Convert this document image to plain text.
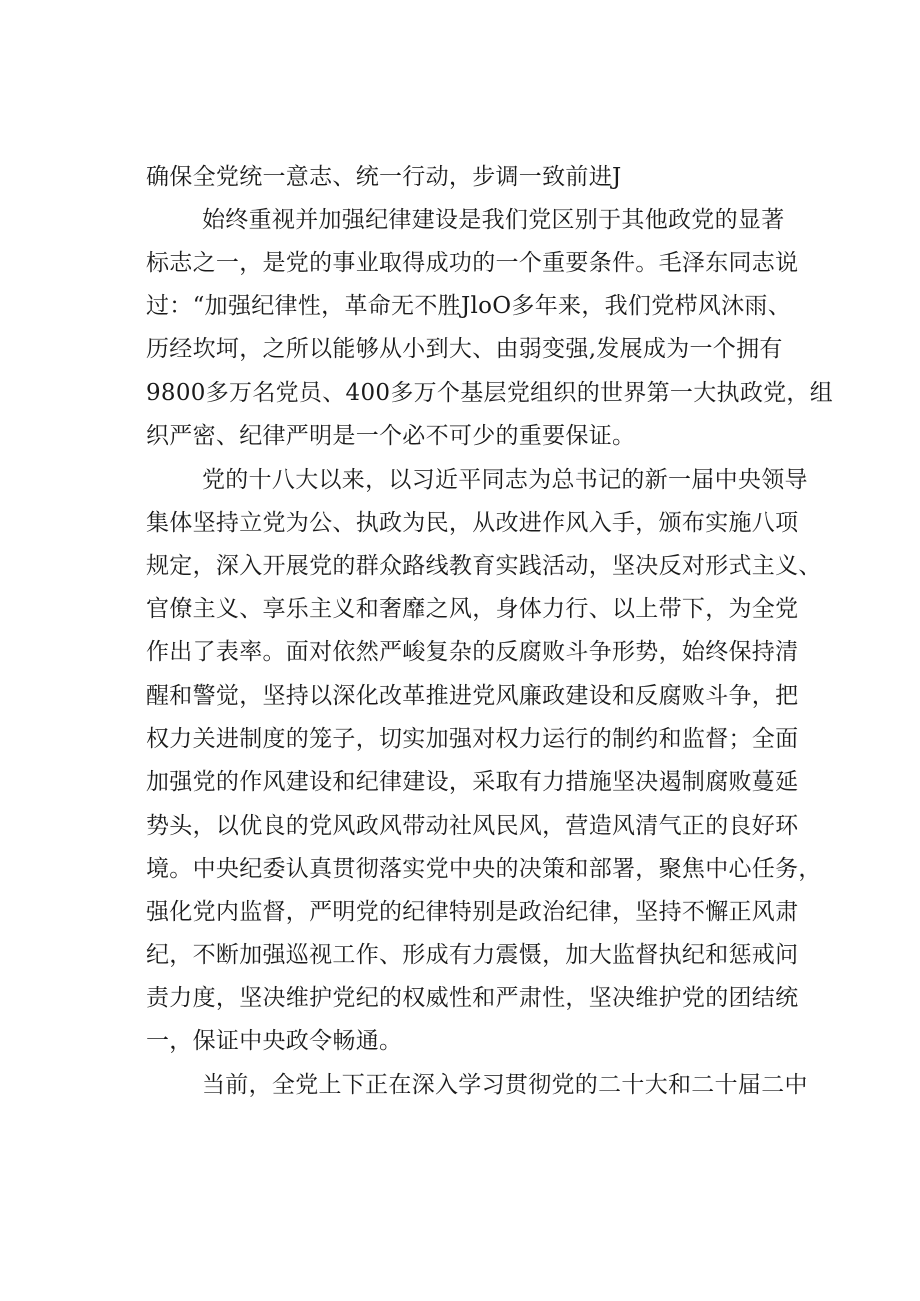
确保全党统一意志、统一行动，步调一致前进J

始终重视并加强纪律建设是我们党区别于其他政党的显著

标志之一，是党的事业取得成功的一个重要条件。毛泽东同志说

过：“加强纪律性，革命无不胜JloO多年来，我们党栉风沐雨、

历经坎坷，之所以能够从小到大、由弱变强,发展成为一个拥有

9800多万名党员、400多万个基层党组织的世界第一大执政党，组

织严密、纪律严明是一个必不可少的重要保证。

党的十八大以来，以习近平同志为总书记的新一届中央领导

集体坚持立党为公、执政为民，从改进作风入手，颁布实施八项

规定，深入开展党的群众路线教育实践活动，坚决反对形式主义、

官僚主义、享乐主义和奢靡之风，身体力行、以上带下，为全党

作出了表率。面对依然严峻复杂的反腐败斗争形势，始终保持清

醒和警觉，坚持以深化改革推进党风廉政建设和反腐败斗争，把

权力关进制度的笼子，切实加强对权力运行的制约和监督；全面

加强党的作风建设和纪律建设，采取有力措施坚决遏制腐败蔓延

势头，以优良的党风政风带动社风民风，营造风清气正的良好环

境。中央纪委认真贯彻落实党中央的决策和部署，聚焦中心任务，

强化党内监督，严明党的纪律特别是政治纪律，坚持不懈正风肃

纪，不断加强巡视工作、形成有力震慑，加大监督执纪和惩戒问

责力度，坚决维护党纪的权威性和严肃性，坚决维护党的团结统

一，保证中央政令畅通。

当前，全党上下正在深入学习贯彻党的二十大和二十届二中
